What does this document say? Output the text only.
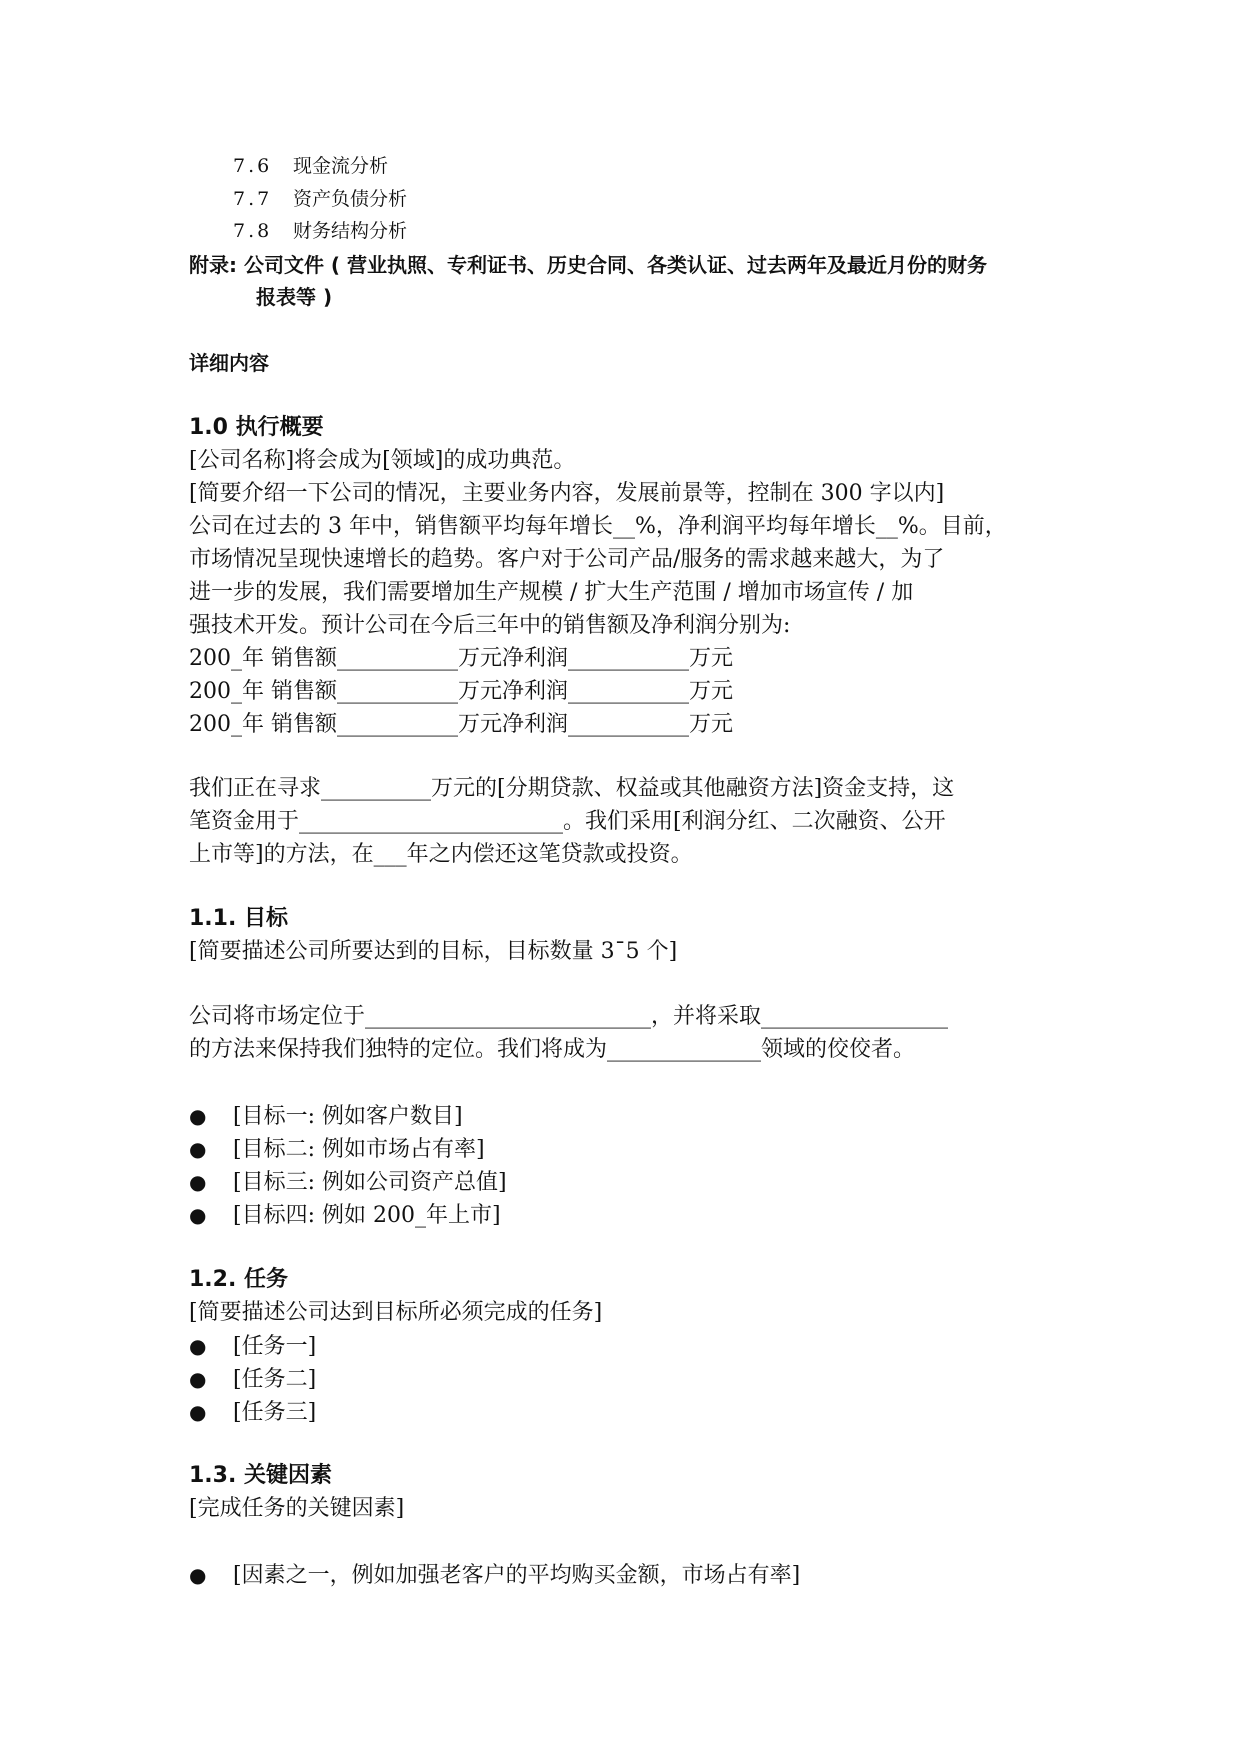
7.6 现金流分析
7.7 资产负债分析
7.8 财务结构分析
附录: 公司文件 ( 营业执照、专利证书、历史合同、各类认证、过去两年及最近月份的财务
报表等 )
详细内容
1.0 执行概要
[公司名称]将会成为[领域]的成功典范。
[简要介绍一下公司的情况，主要业务内容，发展前景等，控制在 300 字以内]
公司在过去的 3 年中，销售额平均每年增长__%，净利润平均每年增长__%。目前，
市场情况呈现快速增长的趋势。客户对于公司产品/服务的需求越来越大，为了
进一步的发展，我们需要增加生产规模 / 扩大生产范围 / 增加市场宣传 / 加
强技术开发。预计公司在今后三年中的销售额及净利润分别为:
200_年 销售额___________万元净利润___________万元
200_年 销售额___________万元净利润___________万元
200_年 销售额___________万元净利润___________万元
我们正在寻求__________万元的[分期贷款、权益或其他融资方法]资金支持，这
笔资金用于________________________。我们采用[利润分红、二次融资、公开
上市等]的方法，在___年之内偿还这笔贷款或投资。
1.1. 目标
[简要描述公司所要达到的目标，目标数量 3¯5 个]
公司将市场定位于__________________________，并将采取_________________
的方法来保持我们独特的定位。我们将成为______________领域的佼佼者。
● [目标一: 例如客户数目]
● [目标二: 例如市场占有率]
● [目标三: 例如公司资产总值]
● [目标四: 例如 200_年上市]
1.2. 任务
[简要描述公司达到目标所必须完成的任务]
● [任务一]
● [任务二]
● [任务三]
1.3. 关键因素
[完成任务的关键因素]
● [因素之一，例如加强老客户的平均购买金额，市场占有率]
